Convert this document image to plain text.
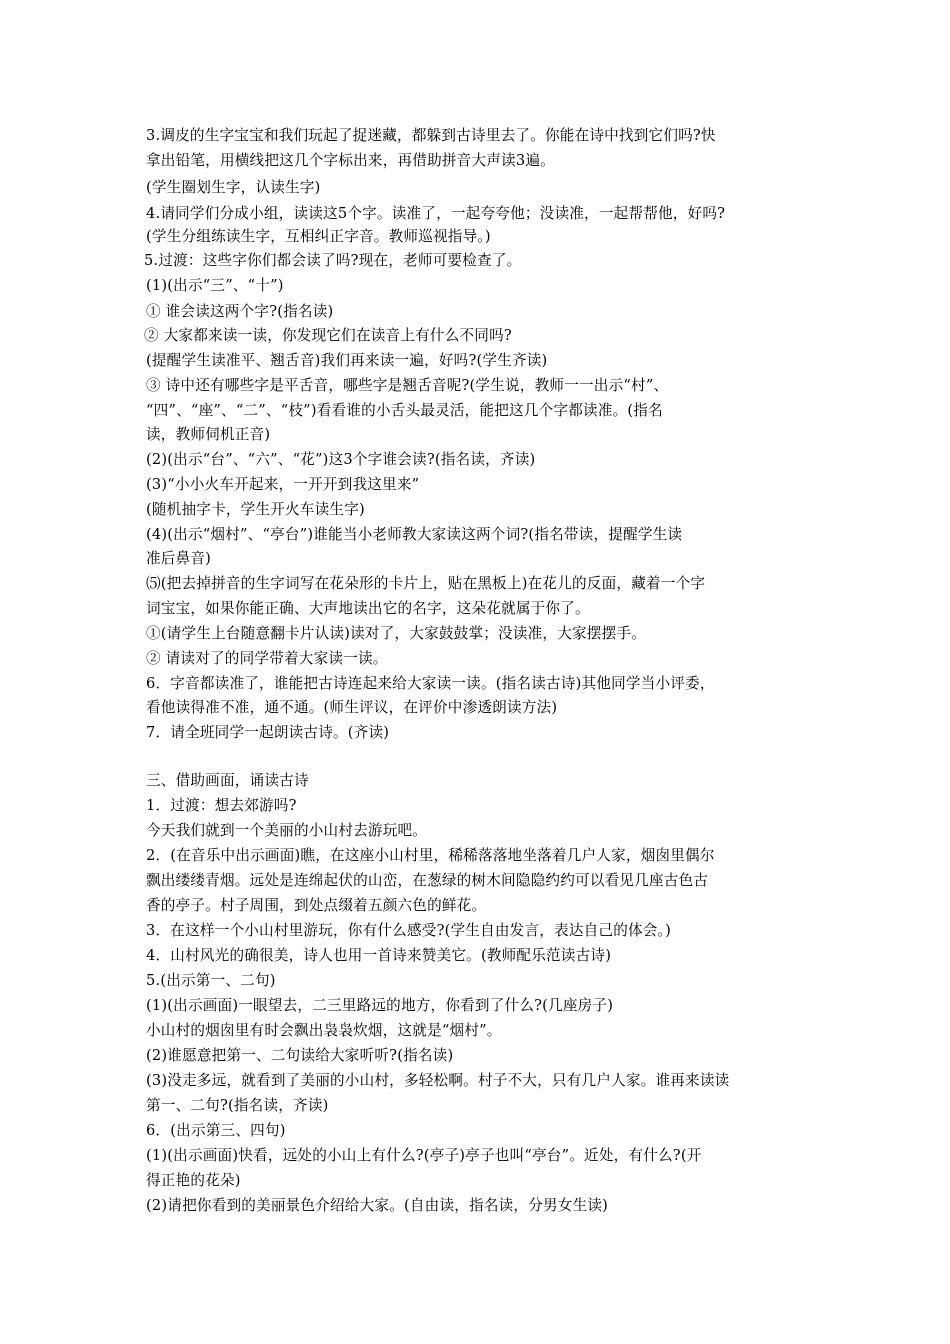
3.调皮的生字宝宝和我们玩起了捉迷藏，都躲到古诗里去了。你能在诗中找到它们吗?快
拿出铅笔，用横线把这几个字标出来，再借助拼音大声读3遍。
(学生圈划生字，认读生字)
4.请同学们分成小组，读读这5个字。读准了，一起夸夸他；没读准，一起帮帮他，好吗?
(学生分组练读生字，互相纠正字音。教师巡视指导。)
5.过渡：这些字你们都会读了吗?现在，老师可要检查了。
(1)(出示“三”、“十”)
① 谁会读这两个字?(指名读)
② 大家都来读一读，你发现它们在读音上有什么不同吗?
(提醒学生读准平、翘舌音)我们再来读一遍，好吗?(学生齐读)
③ 诗中还有哪些字是平舌音，哪些字是翘舌音呢?(学生说，教师一一出示“村”、
“四”、“座”、“二”、“枝”)看看谁的小舌头最灵活，能把这几个字都读准。(指名
读，教师伺机正音)
(2)(出示“台”、“六”、“花”)这3个字谁会读?(指名读，齐读)
(3)“小小火车开起来，一开开到我这里来”
(随机抽字卡，学生开火车读生字)
(4)(出示“烟村”、“亭台”)谁能当小老师教大家读这两个词?(指名带读，提醒学生读
准后鼻音)
⑸(把去掉拼音的生字词写在花朵形的卡片上，贴在黑板上)在花儿的反面，藏着一个字
词宝宝，如果你能正确、大声地读出它的名字，这朵花就属于你了。
①(请学生上台随意翻卡片认读)读对了，大家鼓鼓掌；没读准，大家摆摆手。
② 请读对了的同学带着大家读一读。
6．字音都读准了，谁能把古诗连起来给大家读一读。(指名读古诗)其他同学当小评委，
看他读得准不准，通不通。(师生评议，在评价中渗透朗读方法)
7．请全班同学一起朗读古诗。(齐读)
三、借助画面，诵读古诗
1．过渡：想去郊游吗?
今天我们就到一个美丽的小山村去游玩吧。
2．(在音乐中出示画面)瞧，在这座小山村里，稀稀落落地坐落着几户人家，烟囱里偶尔
飘出缕缕青烟。远处是连绵起伏的山峦，在葱绿的树木间隐隐约约可以看见几座古色古
香的亭子。村子周围，到处点缀着五颜六色的鲜花。
3．在这样一个小山村里游玩，你有什么感受?(学生自由发言，表达自己的体会。)
4．山村风光的确很美，诗人也用一首诗来赞美它。(教师配乐范读古诗)
5.(出示第一、二句)
(1)(出示画面)一眼望去，二三里路远的地方，你看到了什么?(几座房子)
小山村的烟囱里有时会飘出袅袅炊烟，这就是“烟村”。
(2)谁愿意把第一、二句读给大家听听?(指名读)
(3)没走多远，就看到了美丽的小山村，多轻松啊。村子不大，只有几户人家。谁再来读读
第一、二句?(指名读，齐读)
6．(出示第三、四句)
(1)(出示画面)快看，远处的小山上有什么?(亭子)亭子也叫“亭台”。近处，有什么?(开
得正艳的花朵)
(2)请把你看到的美丽景色介绍给大家。(自由读，指名读，分男女生读)
